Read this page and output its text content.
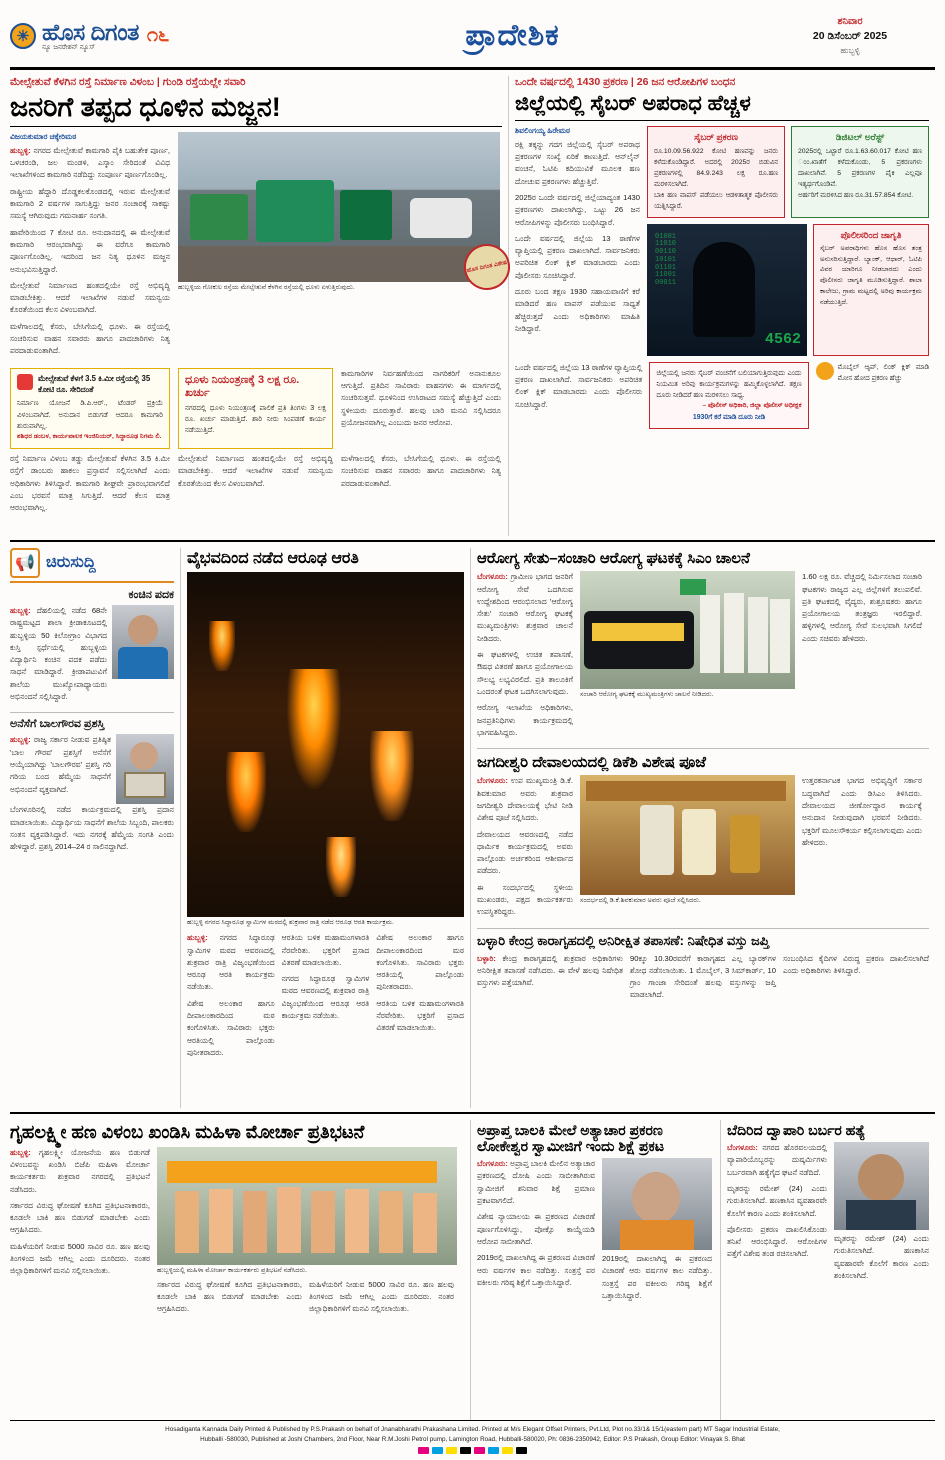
☀ ಹೊಸ ದಿಗಂತ
ನ್ಯೂ ಜನರೇಶನ್ ನ್ಯೂಸ್
೧೬	ಪ್ರಾದೇಶಿಕ	ಶನಿವಾರ
20 ಡಿಸೆಂಬರ್ 2025
ಹುಬ್ಬಳ್ಳಿ
ಮೇಲ್ಸೇತುವೆ ಕೆಳಗಿನ ರಸ್ತೆ ನಿರ್ಮಾಣ ವಿಳಂಬ | ಗುಂಡಿ ರಸ್ತೆಯಲ್ಲೇ ಸವಾರಿ
ಜನರಿಗೆ ತಪ್ಪದ ಧೂಳಿನ ಮಜ್ಜನ!
ವಿಜಯಕುಮಾರ ಚಕ್ಕೇರಿಮಠ

ಹುಬ್ಬಳ್ಳಿ: ನಗರದ ಮೇಲ್ಸೇತುವೆ ಕಾಮಗಾರಿ ಪೈಕಿ ಬಹುತೇಕ ಪೂರ್ಣ, ಒಳಚರಂಡಿ, ಜಲ ಮಂಡಳಿ, ಎಸ್ಕಾಂ ಸೇರಿದಂತೆ ವಿವಿಧ ಇಲಾಖೆಗಳಿಂದ ಕಾಮಗಾರಿ ನಡೆದಿದ್ದು ಸಂಪೂರ್ಣ ಪೂರ್ಣಗೊಂಡಿಲ್ಲ.

ರಾಷ್ಟ್ರೀಯ ಹೆದ್ದಾರಿ ದೊಡ್ಡಕಲಕೊಂಡದಲ್ಲಿ ಇರುವ ಮೇಲ್ಸೇತುವೆ ಕಾಮಗಾರಿ 2 ವರ್ಷಗಳ ಸಾಗುತ್ತಿದ್ದು ಜನರ ಸಂಚಾರಕ್ಕೆ ಸಾಕಷ್ಟು ಸಮಸ್ಯೆ ಆಗಿರುವುದು ಗಮನಾರ್ಹ ಸಂಗತಿ.

ಹಾವೇರಿಯಿಂದ 7 ಕೋಟಿ ರೂ. ಅನುದಾನದಲ್ಲಿ ಈ ಮೇಲ್ಸೇತುವೆ ಕಾಮಗಾರಿ ಆರಂಭವಾಗಿದ್ದು ಈ ವರೆಗೂ ಕಾಮಗಾರಿ ಪೂರ್ಣಗೊಂಡಿಲ್ಲ. ಇದರಿಂದ ಜನ ನಿತ್ಯ ಧೂಳಿನ ಮಜ್ಜನ ಅನುಭವಿಸುತ್ತಿದ್ದಾರೆ.

ಮೇಲ್ಸೇತುವೆ ನಿರ್ಮಾಣದ ಹಂತದಲ್ಲಿಯೇ ರಸ್ತೆ ಅಭಿವೃದ್ಧಿ ಮಾಡಬೇಕಿತ್ತು. ಆದರೆ ಇಲಾಖೆಗಳ ನಡುವೆ ಸಮನ್ವಯ ಕೊರತೆಯಿಂದ ಕೆಲಸ ವಿಳಂಬವಾಗಿದೆ.

ಮಳೆಗಾಲದಲ್ಲಿ ಕೆಸರು, ಬೇಸಿಗೆಯಲ್ಲಿ ಧೂಳು. ಈ ರಸ್ತೆಯಲ್ಲಿ ಸಂಚರಿಸುವ ವಾಹನ ಸವಾರರು ಹಾಗೂ ಪಾದಚಾರಿಗಳು ನಿತ್ಯ ಪರದಾಡುವಂತಾಗಿದೆ.

ಹುಬ್ಬಳ್ಳಿಯ ಗೋಕುಲ ರಸ್ತೆಯ ಮೇಲ್ಸೇತುವೆ ಕೆಳಗಿನ ರಸ್ತೆಯಲ್ಲಿ ಧೂಳು ಏಳುತ್ತಿರುವುದು.
ಹೊಸ ದಿಗಂತ ವಿಶೇಷ
ಮೇಲ್ಸೇತುವೆ ಕೆಳಗೆ 3.5 ಕಿ.ಮೀ ರಸ್ತೆಯಲ್ಲಿ 35 ಕೋಟಿ ರೂ. ಸೇರಿದಂತೆ
ನಿರ್ಮಾಣ ಯೋಜನೆ ಡಿ.ಪಿ.ಆರ್., ಟೆಂಡರ್ ಪ್ರಕ್ರಿಯೆ ವಿಳಂಬವಾಗಿದೆ. ಅನುದಾನ ಬಿಡುಗಡೆ ಆದರೂ ಕಾಮಗಾರಿ ಶುರುವಾಗಿಲ್ಲ.
ಶಶಿಧರ ಡಂಬಳ, ಕಾರ್ಯಪಾಲಕ ಇಂಜಿನಿಯರ್, ಸಿದ್ಧಾರೂಢ ನಿಗಮ ಲಿ.
ಧೂಳು ನಿಯಂತ್ರಣಕ್ಕೆ 3 ಲಕ್ಷ ರೂ. ಖರ್ಚು
ನಗರದಲ್ಲಿ ಧೂಳು ನಿಯಂತ್ರಣಕ್ಕೆ ಪಾಲಿಕೆ ಪ್ರತಿ ತಿಂಗಳು 3 ಲಕ್ಷ ರೂ. ಖರ್ಚು ಮಾಡುತ್ತಿದೆ. ಶಾರಿ ನೀರು ಸಿಂಪಡಣೆ ಕಾರ್ಯ ನಡೆಯುತ್ತಿದೆ.

ಕಾಮಗಾರಿಗಳ ನಿರ್ವಹಣೆಯಿಂದ ನಾಗರಿಕರಿಗೆ ಅನಾನುಕೂಲ ಆಗುತ್ತಿದೆ. ಪ್ರತಿದಿನ ಸಾವಿರಾರು ವಾಹನಗಳು ಈ ಮಾರ್ಗದಲ್ಲಿ ಸಂಚರಿಸುತ್ತವೆ. ಧೂಳಿನಿಂದ ಉಸಿರಾಟದ ಸಮಸ್ಯೆ ಹೆಚ್ಚುತ್ತಿದೆ ಎಂದು ಸ್ಥಳೀಯರು ದೂರುತ್ತಾರೆ. ಹಲವು ಬಾರಿ ಮನವಿ ಸಲ್ಲಿಸಿದರೂ ಪ್ರಯೋಜನವಾಗಿಲ್ಲ ಎಂಬುದು ಜನರ ಆರೋಪ.

ರಸ್ತೆ ನಿರ್ಮಾಣ ವಿಳಂಬ ತಡ್ಡು ಮೇಲ್ಸೇತುವೆ ಕೆಳಗಿನ 3.5 ಕಿ.ಮೀ ರಸ್ತೆಗೆ ಡಾಂಬರು ಹಾಕಲು ಪ್ರಸ್ತಾವನೆ ಸಲ್ಲಿಸಲಾಗಿದೆ ಎಂದು ಅಧಿಕಾರಿಗಳು ತಿಳಿಸಿದ್ದಾರೆ. ಕಾಮಗಾರಿ ಶೀಘ್ರವೇ ಪ್ರಾರಂಭವಾಗಲಿದೆ ಎಂಬ ಭರವಸೆ ಮಾತ್ರ ಸಿಗುತ್ತಿದೆ. ಆದರೆ ಕೆಲಸ ಮಾತ್ರ ಆರಂಭವಾಗಿಲ್ಲ.

ಮೇಲ್ಸೇತುವೆ ನಿರ್ಮಾಣದ ಹಂತದಲ್ಲಿಯೇ ರಸ್ತೆ ಅಭಿವೃದ್ಧಿ ಮಾಡಬೇಕಿತ್ತು. ಆದರೆ ಇಲಾಖೆಗಳ ನಡುವೆ ಸಮನ್ವಯ ಕೊರತೆಯಿಂದ ಕೆಲಸ ವಿಳಂಬವಾಗಿದೆ.

ಮಳೆಗಾಲದಲ್ಲಿ ಕೆಸರು, ಬೇಸಿಗೆಯಲ್ಲಿ ಧೂಳು. ಈ ರಸ್ತೆಯಲ್ಲಿ ಸಂಚರಿಸುವ ವಾಹನ ಸವಾರರು ಹಾಗೂ ಪಾದಚಾರಿಗಳು ನಿತ್ಯ ಪರದಾಡುವಂತಾಗಿದೆ.

ಒಂದೇ ವರ್ಷದಲ್ಲಿ 1430 ಪ್ರಕರಣ | 26 ಜನ ಆರೋಪಿಗಳ ಬಂಧನ
ಜಿಲ್ಲೆಯಲ್ಲಿ ಸೈಬರ್ ಅಪರಾಧ ಹೆಚ್ಚಳ
ಶಿವಲಿಂಗಯ್ಯ ಹಿರೇಮಠ

ರಕ್ಷಿ ತಕ್ಕನ್ನು ಗದಗ ಜಿಲ್ಲೆಯಲ್ಲಿ ಸೈಬರ್ ಅಪರಾಧ ಪ್ರಕರಣಗಳ ಸಂಖ್ಯೆ ಏರಿಕೆ ಕಾಣುತ್ತಿದೆ. ಆನ್‌ಲೈನ್ ವಂಚನೆ, ಓಟಿಪಿ ಕದಿಯುವಿಕೆ ಮೂಲಕ ಹಣ ದೋಚುವ ಪ್ರಕರಣಗಳು ಹೆಚ್ಚುತ್ತಿವೆ.

2025ರ ಒಂದೇ ವರ್ಷದಲ್ಲಿ ಜಿಲ್ಲೆಯಾದ್ಯಂತ 1430 ಪ್ರಕರಣಗಳು ದಾಖಲಾಗಿದ್ದು, ಒಟ್ಟು 26 ಜನ ಆರೋಪಿಗಳನ್ನು ಪೊಲೀಸರು ಬಂಧಿಸಿದ್ದಾರೆ.

ಒಂದೇ ವರ್ಷದಲ್ಲಿ ಜಿಲ್ಲೆಯ 13 ಠಾಣೆಗಳ ವ್ಯಾಪ್ತಿಯಲ್ಲಿ ಪ್ರಕರಣ ದಾಖಲಾಗಿದೆ. ಸಾರ್ವಜನಿಕರು ಅಪರಿಚಿತ ಲಿಂಕ್ ಕ್ಲಿಕ್ ಮಾಡಬಾರದು ಎಂದು ಪೊಲೀಸರು ಸೂಚಿಸಿದ್ದಾರೆ.

ದೂರು ಬಂದ ತಕ್ಷಣ 1930 ಸಹಾಯವಾಣಿಗೆ ಕರೆ ಮಾಡಿದರೆ ಹಣ ವಾಪಸ್ ಪಡೆಯುವ ಸಾಧ್ಯತೆ ಹೆಚ್ಚಿರುತ್ತದೆ ಎಂದು ಅಧಿಕಾರಿಗಳು ಮಾಹಿತಿ ನೀಡಿದ್ದಾರೆ.

ಸೈಬರ್ ಪ್ರಕರಣ
ರೂ.10.09.56.922 ಕೋಟಿ ಹಣವನ್ನು ಜನರು ಕಳೆದುಕೊಂಡಿದ್ದಾರೆ. ಅದರಲ್ಲಿ 2025ರ ಬಿಡುವಿನ ಪ್ರಕರಣಗಳಲ್ಲಿ 84.9.243 ಲಕ್ಷ ರೂ.ಹಣ ಮರಳಿಸಲಾಗಿದೆ.
ಬಾಕಿ ಹಣ ವಾಪಸ್ ಪಡೆಯಲು ಆಡಳಿತಾತ್ಮಕ ಪೊಲೀಸರು ಯತ್ನಿಸಿದ್ದಾರೆ.
ಡಿಜಿಟಲ್ ಅರೆಸ್ಟ್
2025ರಲ್ಲಿ ಒಟ್ಟಾರೆ ರೂ.1.63.60.017 ಕೋಟಿ ಹಣ ಂಂ.ಖಾತೆಗೆ ಕಳೆದುಕೊಂಡು, 5 ಪ್ರಕರಣಗಳು ದಾಖಲಾಗಿವೆ. 5 ಪ್ರಕರಣಗಳ ಪೈಕಿ ಎಲ್ಲವೂ ಇತ್ಯರ್ಥಗೊಂಡಿವೆ.
ಅರ್ಹರಿಗೆ ಮರಳಿಸಿದ ಹಣ ರೂ.31.57.854 ಕೋಟಿ.
01001
11010
00110
10101
01101
11001
00011
4562
ಪೊಲೀಸರಿಂದ ಜಾಗೃತಿ
ಸೈಬರ್ ಅಪರಾಧಿಗಳು ಹೊಸ ಹೊಸ ತಂತ್ರ ಅನುಸರಿಸುತ್ತಿದ್ದಾರೆ. ಬ್ಯಾಂಕ್, ಆಧಾರ್, ಓಟಿಪಿ ವಿವರ ಯಾರಿಗೂ ನೀಡಬಾರದು ಎಂದು ಪೊಲೀಸರು ಜಾಗೃತಿ ಮೂಡಿಸುತ್ತಿದ್ದಾರೆ. ಶಾಲಾ ಕಾಲೇಜು, ಗ್ರಾಮ ಮಟ್ಟದಲ್ಲಿ ಅರಿವು ಕಾರ್ಯಕ್ರಮ ನಡೆಯುತ್ತಿದೆ.

ಒಂದೇ ವರ್ಷದಲ್ಲಿ ಜಿಲ್ಲೆಯ 13 ಠಾಣೆಗಳ ವ್ಯಾಪ್ತಿಯಲ್ಲಿ ಪ್ರಕರಣ ದಾಖಲಾಗಿದೆ. ಸಾರ್ವಜನಿಕರು ಅಪರಿಚಿತ ಲಿಂಕ್ ಕ್ಲಿಕ್ ಮಾಡಬಾರದು ಎಂದು ಪೊಲೀಸರು ಸೂಚಿಸಿದ್ದಾರೆ.

ಜಿಲ್ಲೆಯಲ್ಲಿ ಜನರು ಸೈಬರ್ ವಂಚನೆಗೆ ಬಲಿಯಾಗುತ್ತಿರುವುದು ಎಂದು ನಿಯಮಿತ ಅರಿವು ಕಾರ್ಯಕ್ರಮಗಳನ್ನು ಹಮ್ಮಿಕೊಳ್ಳಲಾಗಿದೆ. ತಕ್ಷಣ ದೂರು ನೀಡಿದರೆ ಹಣ ಮರಳಿಸಲು ಸಾಧ್ಯ.
– ಪೊಲೀಸ್ ಅಧಿಕಾರಿ, ಜಿಲ್ಲಾ ಪೊಲೀಸ್ ಅಧೀಕ್ಷಕ
1930ಗೆ ಕರೆ ಮಾಡಿ ದೂರು ನೀಡಿ
ಮೊಬೈಲ್ ಆ್ಯಪ್, ಲಿಂಕ್ ಕ್ಲಿಕ್ ಮಾಡಿ ಮೋಸ ಹೋದ ಪ್ರಕರಣ ಹೆಚ್ಚು
📢 ಚಿರುಸುದ್ದಿ
ಕಂಚಿನ ಪದಕ

ಹುಬ್ಬಳ್ಳಿ: ದೆಹಲಿಯಲ್ಲಿ ನಡೆದ 68ನೇ ರಾಷ್ಟ್ರಮಟ್ಟದ ಶಾಲಾ ಕ್ರೀಡಾಕೂಟದಲ್ಲಿ ಹುಬ್ಬಳ್ಳಿಯ 50 ಕಿಲೋಗ್ರಾಂ ವಿಭಾಗದ ಕುಸ್ತಿ ಸ್ಪರ್ಧೆಯಲ್ಲಿ ಹುಬ್ಬಳ್ಳಿಯ ವಿದ್ಯಾರ್ಥಿನಿ ಕಂಚಿನ ಪದಕ ಪಡೆದು ಸಾಧನೆ ಮಾಡಿದ್ದಾರೆ. ಕ್ರೀಡಾಪಟುವಿಗೆ ಶಾಲೆಯ ಮುಖ್ಯೋಪಾಧ್ಯಾಯರು ಅಭಿನಂದನೆ ಸಲ್ಲಿಸಿದ್ದಾರೆ.

ಅನೆಸೆಗೆ ಬಾಲಗೌರವ ಪ್ರಶಸ್ತಿ

ಹುಬ್ಬಳ್ಳಿ: ರಾಜ್ಯ ಸರ್ಕಾರ ನೀಡುವ ಪ್ರತಿಷ್ಠಿತ 'ಬಾಲ ಗೌರವ' ಪ್ರಶಸ್ತಿಗೆ ಅನೆಸೆಗೆ ಆಯ್ಕೆಯಾಗಿದ್ದು 'ಬಾಲಗೌರವ' ಪ್ರಶಸ್ತಿ ಗರಿ ಗರಿಯ ಬಂದ ಹೆಮ್ಮೆಯ ಸಾಧನೆಗೆ ಅಭಿನಂದನೆ ವ್ಯಕ್ತವಾಗಿದೆ.

ಬೆಂಗಳೂರಿನಲ್ಲಿ ನಡೆದ ಕಾರ್ಯಕ್ರಮದಲ್ಲಿ ಪ್ರಶಸ್ತಿ ಪ್ರದಾನ ಮಾಡಲಾಯಿತು. ವಿದ್ಯಾರ್ಥಿಯ ಸಾಧನೆಗೆ ಶಾಲೆಯ ಸಿಬ್ಬಂದಿ, ಪಾಲಕರು ಸಂತಸ ವ್ಯಕ್ತಪಡಿಸಿದ್ದಾರೆ. ಇದು ನಗರಕ್ಕೆ ಹೆಮ್ಮೆಯ ಸಂಗತಿ ಎಂದು ಹೇಳಿದ್ದಾರೆ. ಪ್ರಶಸ್ತಿ 2014–24 ರ ಸಾಲಿನದ್ದಾಗಿದೆ.
ವೈಭವದಿಂದ ನಡೆದ ಆರೂಢ ಆರತಿ
ಹುಬ್ಬಳ್ಳಿ ನಗರದ ಸಿದ್ಧಾರೂಢ ಸ್ವಾಮಿಗಳ ಮಠದಲ್ಲಿ ಶುಕ್ರವಾರ ರಾತ್ರಿ ನಡೆದ ಆರೂಢ ಆರತಿ ಕಾರ್ಯಕ್ರಮ.

ಹುಬ್ಬಳ್ಳಿ: ನಗರದ ಸಿದ್ಧಾರೂಢ ಸ್ವಾಮಿಗಳ ಮಠದ ಆವರಣದಲ್ಲಿ ಶುಕ್ರವಾರ ರಾತ್ರಿ ವಿಜೃಂಭಣೆಯಿಂದ ಆರೂಢ ಆರತಿ ಕಾರ್ಯಕ್ರಮ ನಡೆಯಿತು.

ವಿಶೇಷ ಅಲಂಕಾರ ಹಾಗೂ ದೀಪಾಲಂಕಾರದಿಂದ ಮಠ ಕಂಗೊಳಿಸಿತು. ಸಾವಿರಾರು ಭಕ್ತರು ಆರತಿಯಲ್ಲಿ ಪಾಲ್ಗೊಂಡು ಪುನೀತರಾದರು.

ಆರತಿಯ ಬಳಿಕ ಮಹಾಮಂಗಳಾರತಿ ನೆರವೇರಿತು. ಭಕ್ತರಿಗೆ ಪ್ರಸಾದ ವಿತರಣೆ ಮಾಡಲಾಯಿತು.

ನಗರದ ಸಿದ್ಧಾರೂಢ ಸ್ವಾಮಿಗಳ ಮಠದ ಆವರಣದಲ್ಲಿ ಶುಕ್ರವಾರ ರಾತ್ರಿ ವಿಜೃಂಭಣೆಯಿಂದ ಆರೂಢ ಆರತಿ ಕಾರ್ಯಕ್ರಮ ನಡೆಯಿತು.

ವಿಶೇಷ ಅಲಂಕಾರ ಹಾಗೂ ದೀಪಾಲಂಕಾರದಿಂದ ಮಠ ಕಂಗೊಳಿಸಿತು. ಸಾವಿರಾರು ಭಕ್ತರು ಆರತಿಯಲ್ಲಿ ಪಾಲ್ಗೊಂಡು ಪುನೀತರಾದರು.

ಆರತಿಯ ಬಳಿಕ ಮಹಾಮಂಗಳಾರತಿ ನೆರವೇರಿತು. ಭಕ್ತರಿಗೆ ಪ್ರಸಾದ ವಿತರಣೆ ಮಾಡಲಾಯಿತು.

ಆರೋಗ್ಯ ಸೇತು–ಸಂಚಾರಿ ಆರೋಗ್ಯ ಘಟಕಕ್ಕೆ ಸಿಎಂ ಚಾಲನೆ

ಬೆಂಗಳೂರು: ಗ್ರಾಮೀಣ ಭಾಗದ ಜನರಿಗೆ ಆರೋಗ್ಯ ಸೇವೆ ಒದಗಿಸುವ ಉದ್ದೇಶದಿಂದ ಆರಂಭಿಸಲಾದ 'ಆರೋಗ್ಯ ಸೇತು' ಸಂಚಾರಿ ಆರೋಗ್ಯ ಘಟಕಕ್ಕೆ ಮುಖ್ಯಮಂತ್ರಿಗಳು ಶುಕ್ರವಾರ ಚಾಲನೆ ನೀಡಿದರು.

ಈ ಘಟಕಗಳಲ್ಲಿ ಉಚಿತ ತಪಾಸಣೆ, ಔಷಧ ವಿತರಣೆ ಹಾಗೂ ಪ್ರಯೋಗಾಲಯ ಸೌಲಭ್ಯ ಲಭ್ಯವಿರಲಿದೆ. ಪ್ರತಿ ತಾಲೂಕಿಗೆ ಒಂದರಂತೆ ಘಟಕ ಒದಗಿಸಲಾಗುವುದು.

ಆರೋಗ್ಯ ಇಲಾಖೆಯ ಅಧಿಕಾರಿಗಳು, ಜನಪ್ರತಿನಿಧಿಗಳು ಕಾರ್ಯಕ್ರಮದಲ್ಲಿ ಭಾಗವಹಿಸಿದ್ದರು.

ಸಂಚಾರಿ ಆರೋಗ್ಯ ಘಟಕಕ್ಕೆ ಮುಖ್ಯಮಂತ್ರಿಗಳು ಚಾಲನೆ ನೀಡಿದರು.

1.60 ಲಕ್ಷ ರೂ. ವೆಚ್ಚದಲ್ಲಿ ನಿರ್ಮಿಸಲಾದ ಸಂಚಾರಿ ಘಟಕಗಳು ರಾಜ್ಯದ ಎಲ್ಲ ಜಿಲ್ಲೆಗಳಿಗೆ ತಲುಪಲಿವೆ. ಪ್ರತಿ ಘಟಕದಲ್ಲಿ ವೈದ್ಯರು, ಶುಶ್ರೂಷಕರು ಹಾಗೂ ಪ್ರಯೋಗಾಲಯ ತಂತ್ರಜ್ಞರು ಇರಲಿದ್ದಾರೆ. ಹಳ್ಳಿಗಳಲ್ಲಿ ಆರೋಗ್ಯ ಸೇವೆ ಸುಲಭವಾಗಿ ಸಿಗಲಿದೆ ಎಂದು ಸಚಿವರು ಹೇಳಿದರು.

ಜಗದೀಶ್ವರಿ ದೇವಾಲಯದಲ್ಲಿ ಡಿಕೆಶಿ ವಿಶೇಷ ಪೂಜೆ

ಬೆಂಗಳೂರು: ಉಪ ಮುಖ್ಯಮಂತ್ರಿ ಡಿ.ಕೆ. ಶಿವಕುಮಾರ ಅವರು ಶುಕ್ರವಾರ ಜಗದೀಶ್ವರಿ ದೇವಾಲಯಕ್ಕೆ ಭೇಟಿ ನೀಡಿ ವಿಶೇಷ ಪೂಜೆ ಸಲ್ಲಿಸಿದರು.

ದೇವಾಲಯದ ಆವರಣದಲ್ಲಿ ನಡೆದ ಧಾರ್ಮಿಕ ಕಾರ್ಯಕ್ರಮದಲ್ಲಿ ಅವರು ಪಾಲ್ಗೊಂಡು ಅರ್ಚಕರಿಂದ ಆಶೀರ್ವಾದ ಪಡೆದರು.

ಈ ಸಂದರ್ಭದಲ್ಲಿ ಸ್ಥಳೀಯ ಮುಖಂಡರು, ಪಕ್ಷದ ಕಾರ್ಯಕರ್ತರು ಉಪಸ್ಥಿತರಿದ್ದರು.

ಸಂದರ್ಭದಲ್ಲಿ ಡಿ.ಕೆ.ಶಿವಕುಮಾರ ಅವರು ಪೂಜೆ ಸಲ್ಲಿಸಿದರು.

ಉತ್ತರಕರ್ನಾಟಕ ಭಾಗದ ಅಭಿವೃದ್ಧಿಗೆ ಸರ್ಕಾರ ಬದ್ಧವಾಗಿದೆ ಎಂದು ಡಿಸಿಎಂ ತಿಳಿಸಿದರು. ದೇವಾಲಯದ ಜೀರ್ಣೋದ್ಧಾರ ಕಾರ್ಯಕ್ಕೆ ಅನುದಾನ ನೀಡುವುದಾಗಿ ಭರವಸೆ ನೀಡಿದರು. ಭಕ್ತರಿಗೆ ಮೂಲಸೌಕರ್ಯ ಕಲ್ಪಿಸಲಾಗುವುದು ಎಂದು ಹೇಳಿದರು.

ಬಳ್ಳಾರಿ ಕೇಂದ್ರ ಕಾರಾಗೃಹದಲ್ಲಿ ಅನಿರೀಕ್ಷಿತ ತಪಾಸಣೆ: ನಿಷೇಧಿತ ವಸ್ತು ಜಪ್ತಿ

ಬಳ್ಳಾರಿ: ಕೇಂದ್ರ ಕಾರಾಗೃಹದಲ್ಲಿ ಶುಕ್ರವಾರ ಅಧಿಕಾರಿಗಳು ಅನಿರೀಕ್ಷಿತ ತಪಾಸಣೆ ನಡೆಸಿದರು. ಈ ವೇಳೆ ಹಲವು ನಿಷೇಧಿತ ವಸ್ತುಗಳು ಪತ್ತೆಯಾಗಿವೆ.

90ಕ್ಕೂ 10.30ರವರೆಗೆ ಕಾರಾಗೃಹದ ಎಲ್ಲ ಬ್ಯಾರಕ್‌ಗಳ ಶೋಧ ನಡೆಸಲಾಯಿತು. 1 ಮೊಬೈಲ್, 3 ಸಿಮ್‌ಕಾರ್ಡ್, 10 ಗ್ರಾಂ ಗಾಂಜಾ ಸೇರಿದಂತೆ ಹಲವು ವಸ್ತುಗಳನ್ನು ಜಪ್ತಿ ಮಾಡಲಾಗಿದೆ.

ಸಂಬಂಧಿಸಿದ ಕೈದಿಗಳ ವಿರುದ್ಧ ಪ್ರಕರಣ ದಾಖಲಿಸಲಾಗಿದೆ ಎಂದು ಅಧಿಕಾರಿಗಳು ತಿಳಿಸಿದ್ದಾರೆ.

ಗೃಹಲಕ್ಷ್ಮೀ ಹಣ ವಿಳಂಬ ಖಂಡಿಸಿ ಮಹಿಳಾ ಮೋರ್ಚಾ ಪ್ರತಿಭಟನೆ

ಹುಬ್ಬಳ್ಳಿ: ಗೃಹಲಕ್ಷ್ಮೀ ಯೋಜನೆಯ ಹಣ ಬಿಡುಗಡೆ ವಿಳಂಬವನ್ನು ಖಂಡಿಸಿ ಬಿಜೆಪಿ ಮಹಿಳಾ ಮೋರ್ಚಾ ಕಾರ್ಯಕರ್ತರು ಶುಕ್ರವಾರ ನಗರದಲ್ಲಿ ಪ್ರತಿಭಟನೆ ನಡೆಸಿದರು.

ಸರ್ಕಾರದ ವಿರುದ್ಧ ಘೋಷಣೆ ಕೂಗಿದ ಪ್ರತಿಭಟನಾಕಾರರು, ಕೂಡಲೇ ಬಾಕಿ ಹಣ ಬಿಡುಗಡೆ ಮಾಡಬೇಕು ಎಂದು ಆಗ್ರಹಿಸಿದರು.

ಮಹಿಳೆಯರಿಗೆ ನೀಡುವ 5000 ಸಾವಿರ ರೂ. ಹಣ ಹಲವು ತಿಂಗಳಿಂದ ಜಮೆ ಆಗಿಲ್ಲ ಎಂದು ದೂರಿದರು. ನಂತರ ಜಿಲ್ಲಾಧಿಕಾರಿಗಳಿಗೆ ಮನವಿ ಸಲ್ಲಿಸಲಾಯಿತು.	ಹುಬ್ಬಳ್ಳಿಯಲ್ಲಿ ಮಹಿಳಾ ಮೋರ್ಚಾ ಕಾರ್ಯಕರ್ತರು ಪ್ರತಿಭಟನೆ ನಡೆಸಿದರು.

ಸರ್ಕಾರದ ವಿರುದ್ಧ ಘೋಷಣೆ ಕೂಗಿದ ಪ್ರತಿಭಟನಾಕಾರರು, ಕೂಡಲೇ ಬಾಕಿ ಹಣ ಬಿಡುಗಡೆ ಮಾಡಬೇಕು ಎಂದು ಆಗ್ರಹಿಸಿದರು.

ಮಹಿಳೆಯರಿಗೆ ನೀಡುವ 5000 ಸಾವಿರ ರೂ. ಹಣ ಹಲವು ತಿಂಗಳಿಂದ ಜಮೆ ಆಗಿಲ್ಲ ಎಂದು ದೂರಿದರು. ನಂತರ ಜಿಲ್ಲಾಧಿಕಾರಿಗಳಿಗೆ ಮನವಿ ಸಲ್ಲಿಸಲಾಯಿತು.

ಅಪ್ರಾಪ್ತ ಬಾಲಕಿ ಮೇಲೆ ಅತ್ಯಾಚಾರ ಪ್ರಕರಣ ಲೋಕೇಶ್ವರ ಸ್ವಾಮೀಜಿಗೆ ಇಂದು ಶಿಕ್ಷೆ ಪ್ರಕಟ

ಬೆಂಗಳೂರು: ಅಪ್ರಾಪ್ತ ಬಾಲಕಿ ಮೇಲಿನ ಅತ್ಯಾಚಾರ ಪ್ರಕರಣದಲ್ಲಿ ದೋಷಿ ಎಂದು ಸಾಬೀತಾಗಿರುವ ಸ್ವಾಮೀಜಿಗೆ ಶನಿವಾರ ಶಿಕ್ಷೆ ಪ್ರಮಾಣ ಪ್ರಕಟವಾಗಲಿದೆ.

ವಿಶೇಷ ನ್ಯಾಯಾಲಯ ಈ ಪ್ರಕರಣದ ವಿಚಾರಣೆ ಪೂರ್ಣಗೊಳಿಸಿದ್ದು, ಪೋಕ್ಸೊ ಕಾಯ್ದೆಯಡಿ ಆರೋಪ ಸಾಬೀತಾಗಿದೆ.

2019ರಲ್ಲಿ ದಾಖಲಾಗಿದ್ದ ಈ ಪ್ರಕರಣದ ವಿಚಾರಣೆ ಆರು ವರ್ಷಗಳ ಕಾಲ ನಡೆದಿತ್ತು. ಸಂತ್ರಸ್ತೆ ಪರ ವಕೀಲರು ಗರಿಷ್ಠ ಶಿಕ್ಷೆಗೆ ಒತ್ತಾಯಿಸಿದ್ದಾರೆ.

2019ರಲ್ಲಿ ದಾಖಲಾಗಿದ್ದ ಈ ಪ್ರಕರಣದ ವಿಚಾರಣೆ ಆರು ವರ್ಷಗಳ ಕಾಲ ನಡೆದಿತ್ತು. ಸಂತ್ರಸ್ತೆ ಪರ ವಕೀಲರು ಗರಿಷ್ಠ ಶಿಕ್ಷೆಗೆ ಒತ್ತಾಯಿಸಿದ್ದಾರೆ.

ಬೆದಿರಿದ ದ್ವಾಪಾರಿ ಬರ್ಬರ ಹತ್ಯೆ

ಬೆಂಗಳೂರು: ನಗರದ ಹೊರವಲಯದಲ್ಲಿ ವ್ಯಾಪಾರಿಯೊಬ್ಬರನ್ನು ದುಷ್ಕರ್ಮಿಗಳು ಬರ್ಬರವಾಗಿ ಹತ್ಯೆಗೈದ ಘಟನೆ ನಡೆದಿದೆ.

ಮೃತರನ್ನು ರಮೇಶ್ (24) ಎಂದು ಗುರುತಿಸಲಾಗಿದೆ. ಹಣಕಾಸಿನ ವ್ಯವಹಾರವೇ ಕೊಲೆಗೆ ಕಾರಣ ಎಂದು ಶಂಕಿಸಲಾಗಿದೆ.

ಪೊಲೀಸರು ಪ್ರಕರಣ ದಾಖಲಿಸಿಕೊಂಡು ತನಿಖೆ ಆರಂಭಿಸಿದ್ದಾರೆ. ಆರೋಪಿಗಳ ಪತ್ತೆಗೆ ವಿಶೇಷ ತಂಡ ರಚಿಸಲಾಗಿದೆ.

ಮೃತರನ್ನು ರಮೇಶ್ (24) ಎಂದು ಗುರುತಿಸಲಾಗಿದೆ. ಹಣಕಾಸಿನ ವ್ಯವಹಾರವೇ ಕೊಲೆಗೆ ಕಾರಣ ಎಂದು ಶಂಕಿಸಲಾಗಿದೆ.

Hosadiganta Kannada Daily Printed & Published by P.S.Prakash on behalf of Jnanabharathi Prakashana Limited. Printed at M/s Elegant Offset Printers, Pvt.Ltd, Plot no.33/1& 15/1(eastern part) MT Sagar Industrial Estate,
Hubballi -580030, Published at Joshi Chambers, 2nd Floor, Near R.M.Joshi Petrol pump, Lamington Road, Hubballi-580020, Ph: 0836-2350942, Editor: P.S Prakash, Group Editor: Vinayak S. Bhat
